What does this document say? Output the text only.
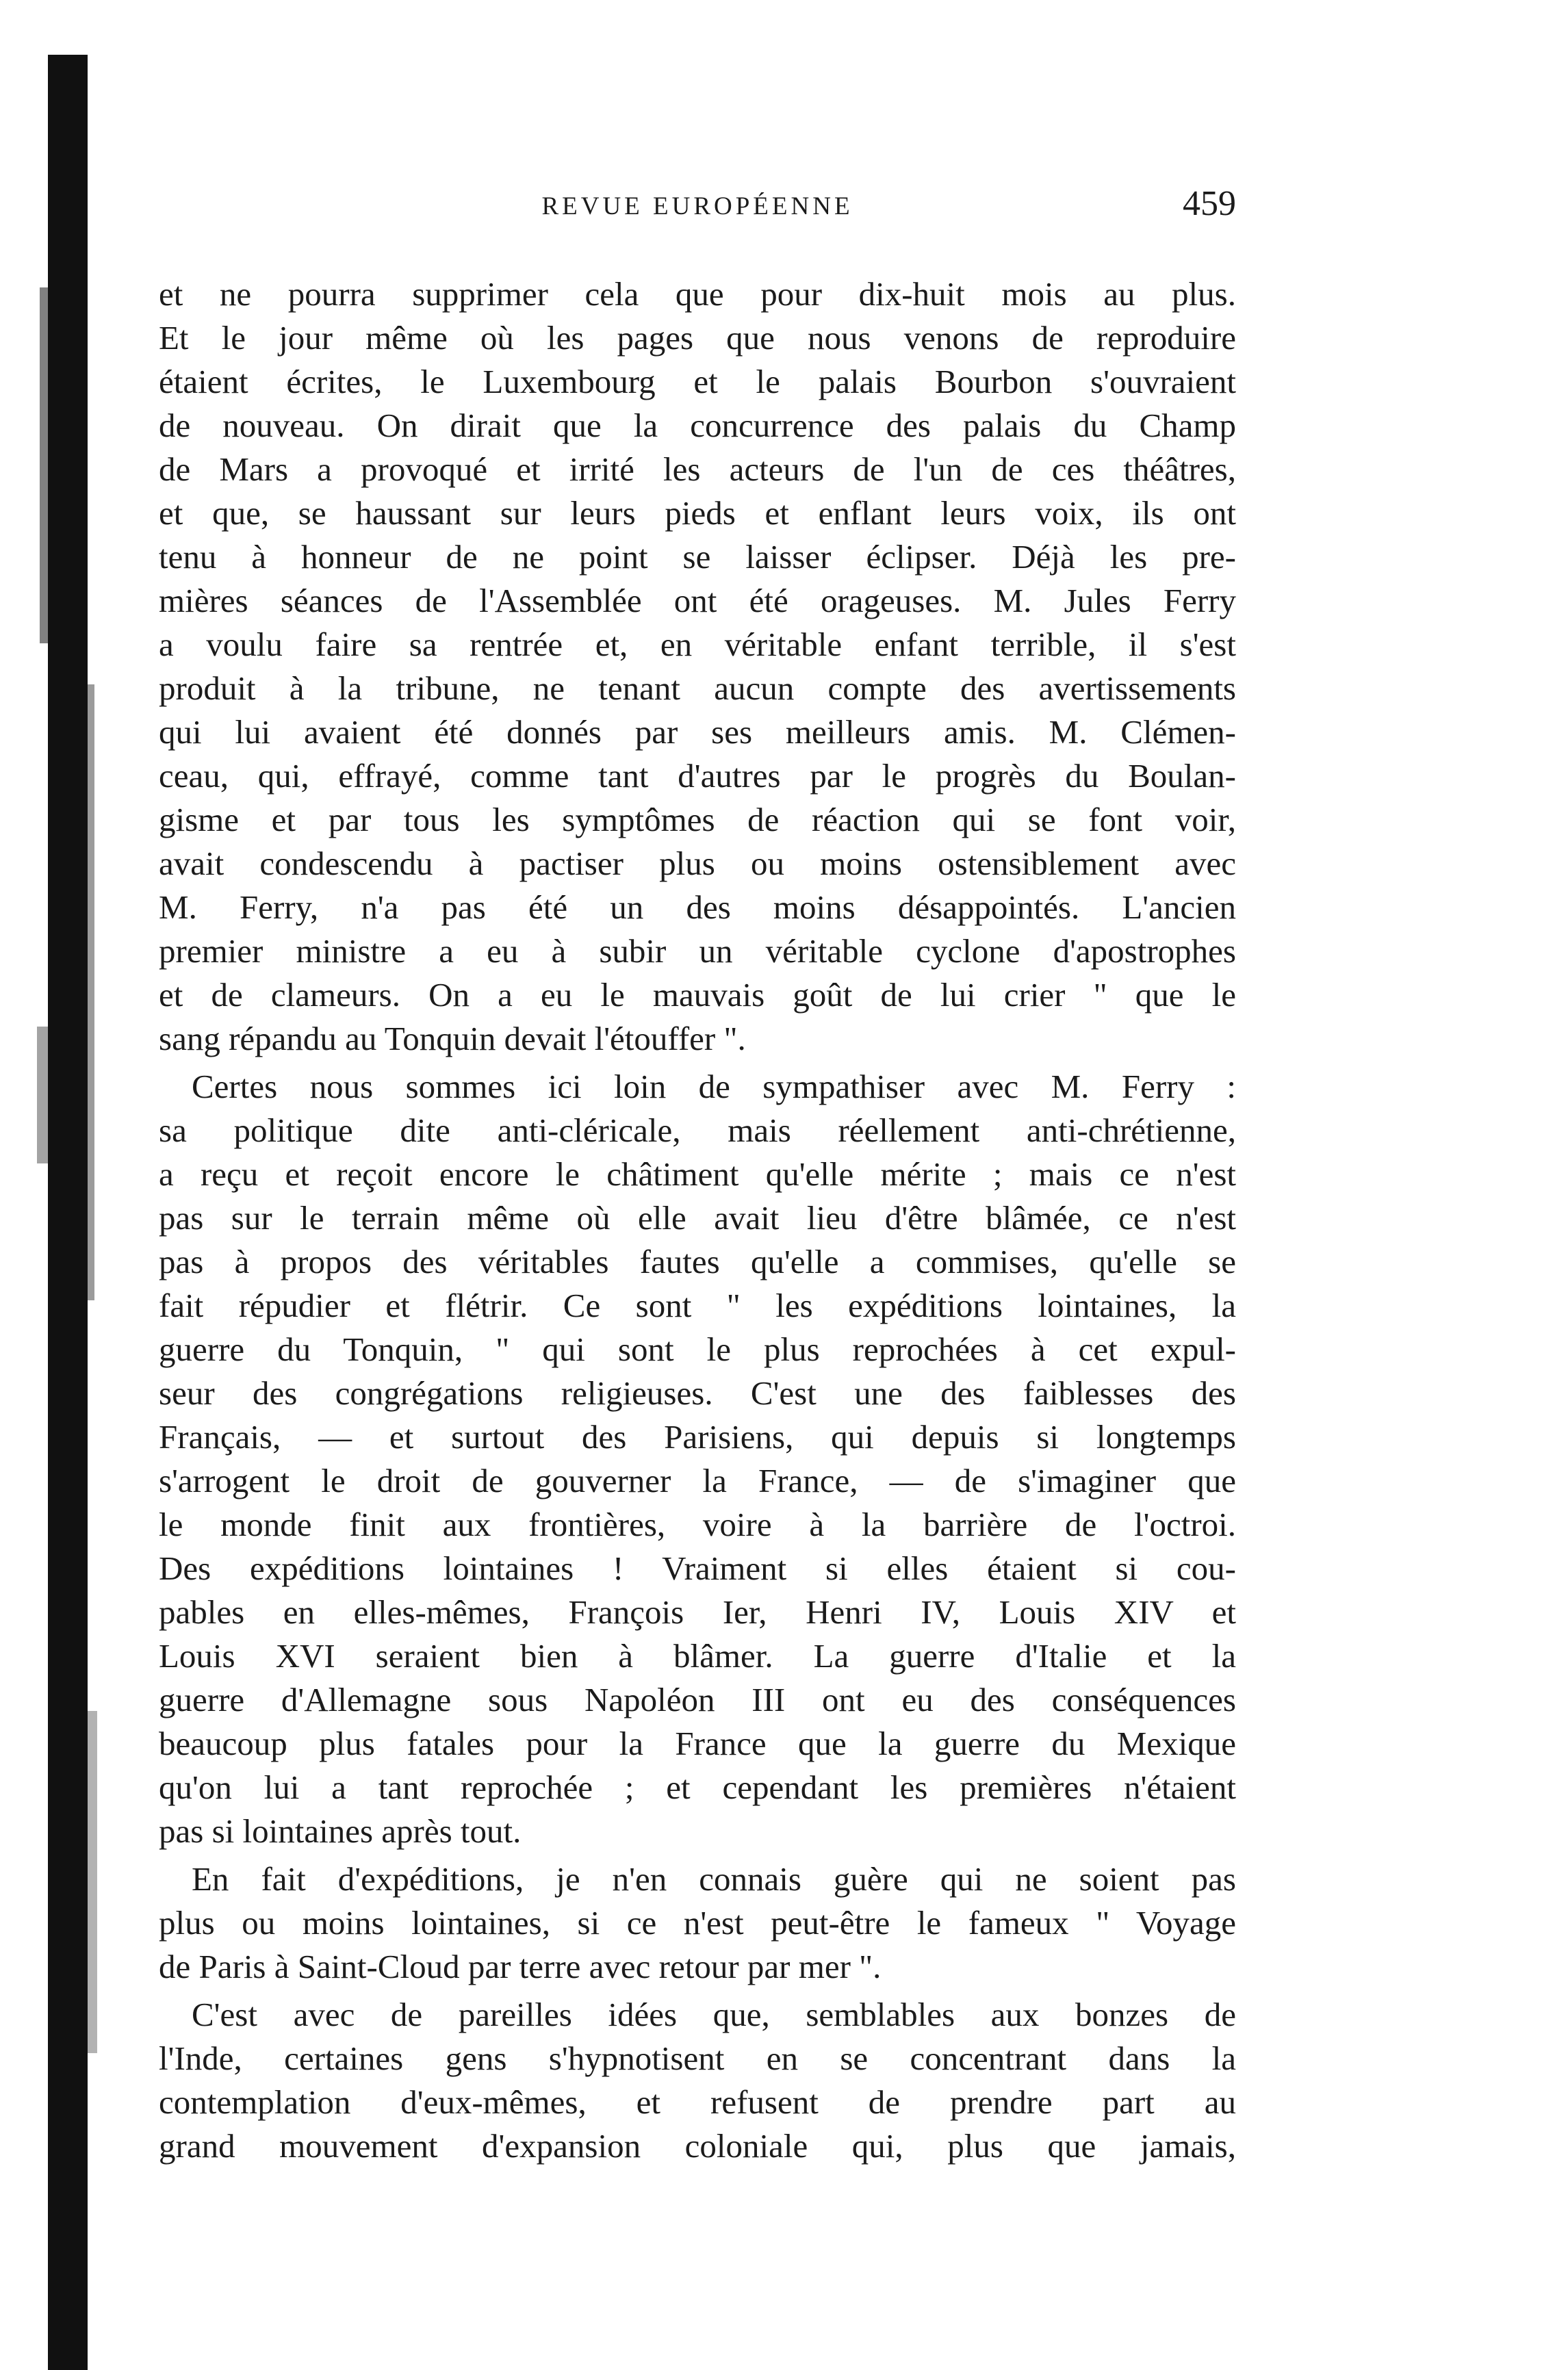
REVUE EUROPÉENNE	459
et ne pourra supprimer cela que pour dix-huit mois au plus.
Et le jour même où les pages que nous venons de reproduire
étaient écrites, le Luxembourg et le palais Bourbon s'ouvraient
de nouveau. On dirait que la concurrence des palais du Champ
de Mars a provoqué et irrité les acteurs de l'un de ces théâtres,
et que, se haussant sur leurs pieds et enflant leurs voix, ils ont
tenu à honneur de ne point se laisser éclipser. Déjà les pre-
mières séances de l'Assemblée ont été orageuses. M. Jules Ferry
a voulu faire sa rentrée et, en véritable enfant terrible, il s'est
produit à la tribune, ne tenant aucun compte des avertissements
qui lui avaient été donnés par ses meilleurs amis. M. Clémen-
ceau, qui, effrayé, comme tant d'autres par le progrès du Boulan-
gisme et par tous les symptômes de réaction qui se font voir,
avait condescendu à pactiser plus ou moins ostensiblement avec
M. Ferry, n'a pas été un des moins désappointés. L'ancien
premier ministre a eu à subir un véritable cyclone d'apostrophes
et de clameurs. On a eu le mauvais goût de lui crier " que le
sang répandu au Tonquin devait l'étouffer ".
Certes nous sommes ici loin de sympathiser avec M. Ferry :
sa politique dite anti-cléricale, mais réellement anti-chrétienne,
a reçu et reçoit encore le châtiment qu'elle mérite ; mais ce n'est
pas sur le terrain même où elle avait lieu d'être blâmée, ce n'est
pas à propos des véritables fautes qu'elle a commises, qu'elle se
fait répudier et flétrir. Ce sont " les expéditions lointaines, la
guerre du Tonquin, " qui sont le plus reprochées à cet expul-
seur des congrégations religieuses. C'est une des faiblesses des
Français, — et surtout des Parisiens, qui depuis si longtemps
s'arrogent le droit de gouverner la France, — de s'imaginer que
le monde finit aux frontières, voire à la barrière de l'octroi.
Des expéditions lointaines ! Vraiment si elles étaient si cou-
pables en elles-mêmes, François Ier, Henri IV, Louis XIV et
Louis XVI seraient bien à blâmer. La guerre d'Italie et la
guerre d'Allemagne sous Napoléon III ont eu des conséquences
beaucoup plus fatales pour la France que la guerre du Mexique
qu'on lui a tant reprochée ; et cependant les premières n'étaient
pas si lointaines après tout.
En fait d'expéditions, je n'en connais guère qui ne soient pas
plus ou moins lointaines, si ce n'est peut-être le fameux " Voyage
de Paris à Saint-Cloud par terre avec retour par mer ".
C'est avec de pareilles idées que, semblables aux bonzes de
l'Inde, certaines gens s'hypnotisent en se concentrant dans la
contemplation d'eux-mêmes, et refusent de prendre part au
grand mouvement d'expansion coloniale qui, plus que jamais,
